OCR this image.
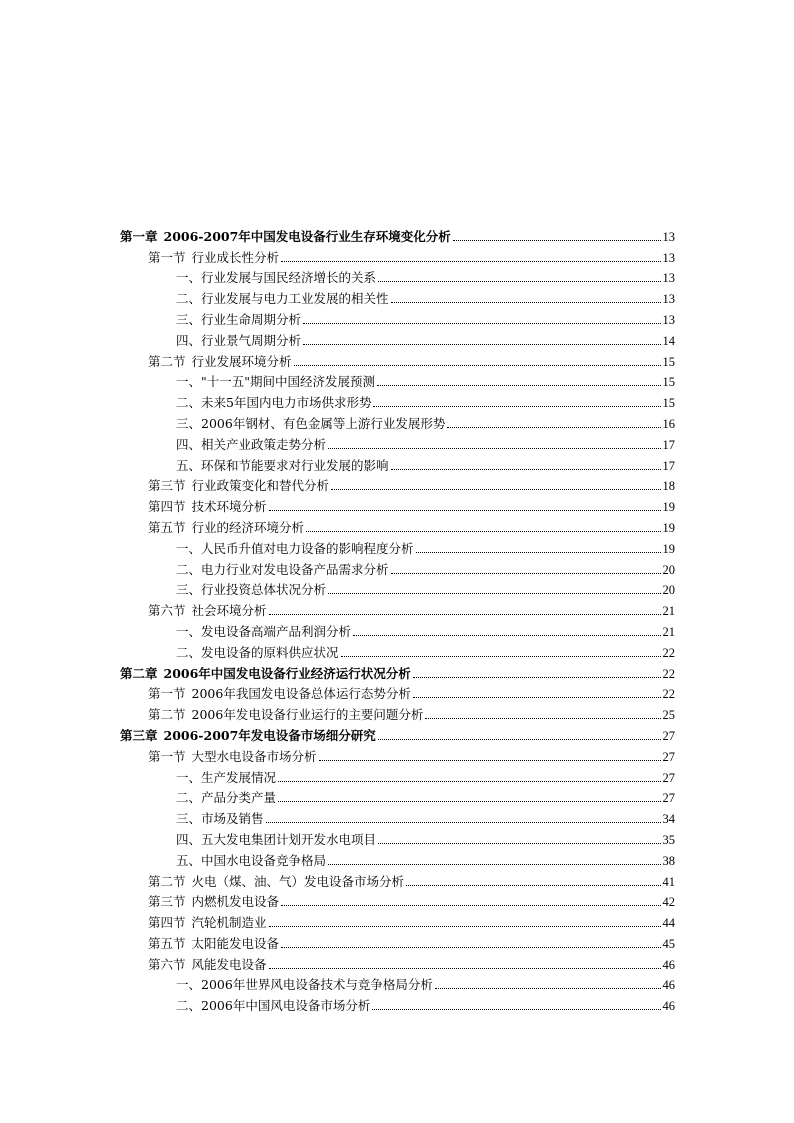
第一章 2006-2007年中国发电设备行业生存环境变化分析	13
第一节 行业成长性分析	13
一、行业发展与国民经济增长的关系	13
二、行业发展与电力工业发展的相关性	13
三、行业生命周期分析	13
四、行业景气周期分析	14
第二节 行业发展环境分析	15
一、"十一五"期间中国经济发展预测	15
二、未来5年国内电力市场供求形势	15
三、2006年钢材、有色金属等上游行业发展形势	16
四、相关产业政策走势分析	17
五、环保和节能要求对行业发展的影响	17
第三节 行业政策变化和替代分析	18
第四节 技术环境分析	19
第五节 行业的经济环境分析	19
一、人民币升值对电力设备的影响程度分析	19
二、电力行业对发电设备产品需求分析	20
三、行业投资总体状况分析	20
第六节 社会环境分析	21
一、发电设备高端产品利润分析	21
二、发电设备的原料供应状况	22
第二章 2006年中国发电设备行业经济运行状况分析	22
第一节 2006年我国发电设备总体运行态势分析	22
第二节 2006年发电设备行业运行的主要问题分析	25
第三章 2006-2007年发电设备市场细分研究	27
第一节 大型水电设备市场分析	27
一、生产发展情况	27
二、产品分类产量	27
三、市场及销售	34
四、五大发电集团计划开发水电项目	35
五、中国水电设备竞争格局	38
第二节 火电（煤、油、气）发电设备市场分析	41
第三节 内燃机发电设备	42
第四节 汽轮机制造业	44
第五节 太阳能发电设备	45
第六节 风能发电设备	46
一、2006年世界风电设备技术与竞争格局分析	46
二、2006年中国风电设备市场分析	46
